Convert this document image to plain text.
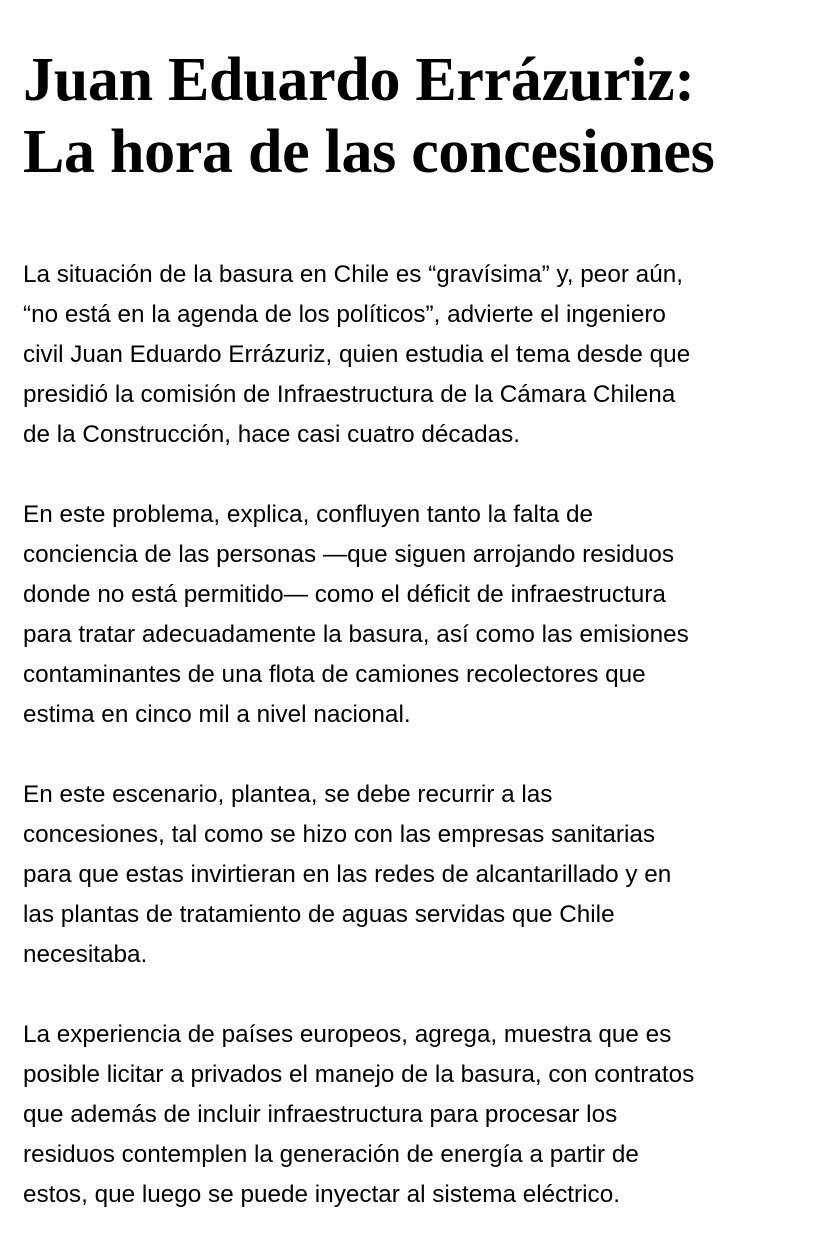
Juan Eduardo Errázuriz:
La hora de las concesiones

La situación de la basura en Chile es “gravísima” y, peor aún,
“no está en la agenda de los políticos”, advierte el ingeniero
civil Juan Eduardo Errázuriz, quien estudia el tema desde que
presidió la comisión de Infraestructura de la Cámara Chilena
de la Construcción, hace casi cuatro décadas.

En este problema, explica, confluyen tanto la falta de
conciencia de las personas —que siguen arrojando residuos
donde no está permitido— como el déficit de infraestructura
para tratar adecuadamente la basura, así como las emisiones
contaminantes de una flota de camiones recolectores que
estima en cinco mil a nivel nacional.

En este escenario, plantea, se debe recurrir a las
concesiones, tal como se hizo con las empresas sanitarias
para que estas invirtieran en las redes de alcantarillado y en
las plantas de tratamiento de aguas servidas que Chile
necesitaba.

La experiencia de países europeos, agrega, muestra que es
posible licitar a privados el manejo de la basura, con contratos
que además de incluir infraestructura para procesar los
residuos contemplen la generación de energía a partir de
estos, que luego se puede inyectar al sistema eléctrico.
